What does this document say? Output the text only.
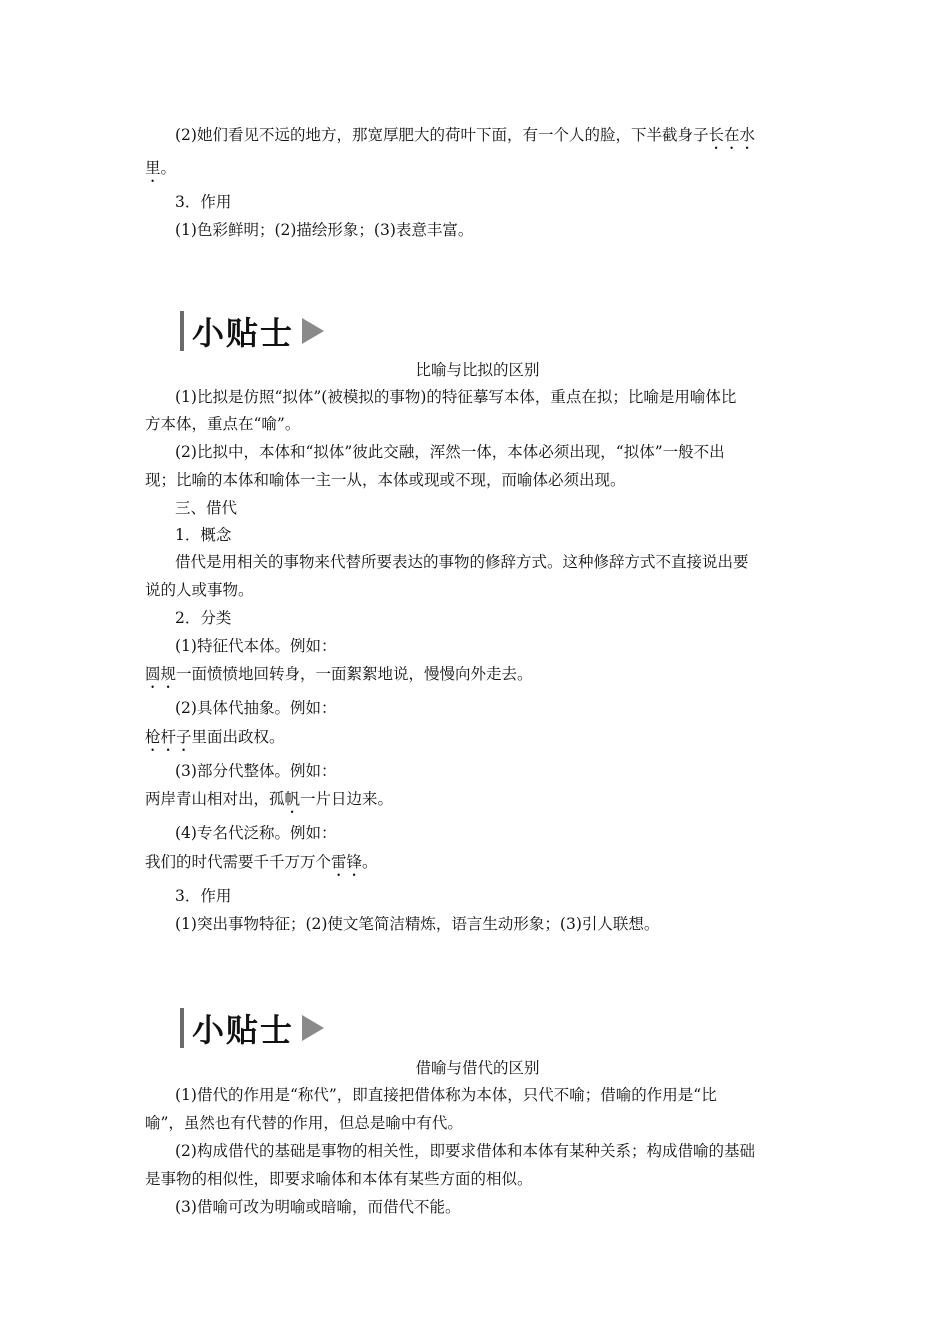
(2)她们看见不远的地方，那宽厚肥大的荷叶下面，有一个人的脸，下半截身子长在水
里。
3．作用
(1)色彩鲜明；(2)描绘形象；(3)表意丰富。
小贴士
比喻与比拟的区别
(1)比拟是仿照“拟体”(被模拟的事物)的特征摹写本体，重点在拟；比喻是用喻体比
方本体，重点在“喻”。
(2)比拟中，本体和“拟体”彼此交融，浑然一体，本体必须出现，“拟体”一般不出
现；比喻的本体和喻体一主一从，本体或现或不现，而喻体必须出现。
三、借代
1．概念
借代是用相关的事物来代替所要表达的事物的修辞方式。这种修辞方式不直接说出要
说的人或事物。
2．分类
(1)特征代本体。例如：
圆规一面愤愤地回转身，一面絮絮地说，慢慢向外走去。
(2)具体代抽象。例如：
枪杆子里面出政权。
(3)部分代整体。例如：
两岸青山相对出，孤帆一片日边来。
(4)专名代泛称。例如：
我们的时代需要千千万万个雷锋。
3．作用
(1)突出事物特征；(2)使文笔简洁精炼，语言生动形象；(3)引人联想。
小贴士
借喻与借代的区别
(1)借代的作用是“称代”，即直接把借体称为本体，只代不喻；借喻的作用是“比
喻”，虽然也有代替的作用，但总是喻中有代。
(2)构成借代的基础是事物的相关性，即要求借体和本体有某种关系；构成借喻的基础
是事物的相似性，即要求喻体和本体有某些方面的相似。
(3)借喻可改为明喻或暗喻，而借代不能。
